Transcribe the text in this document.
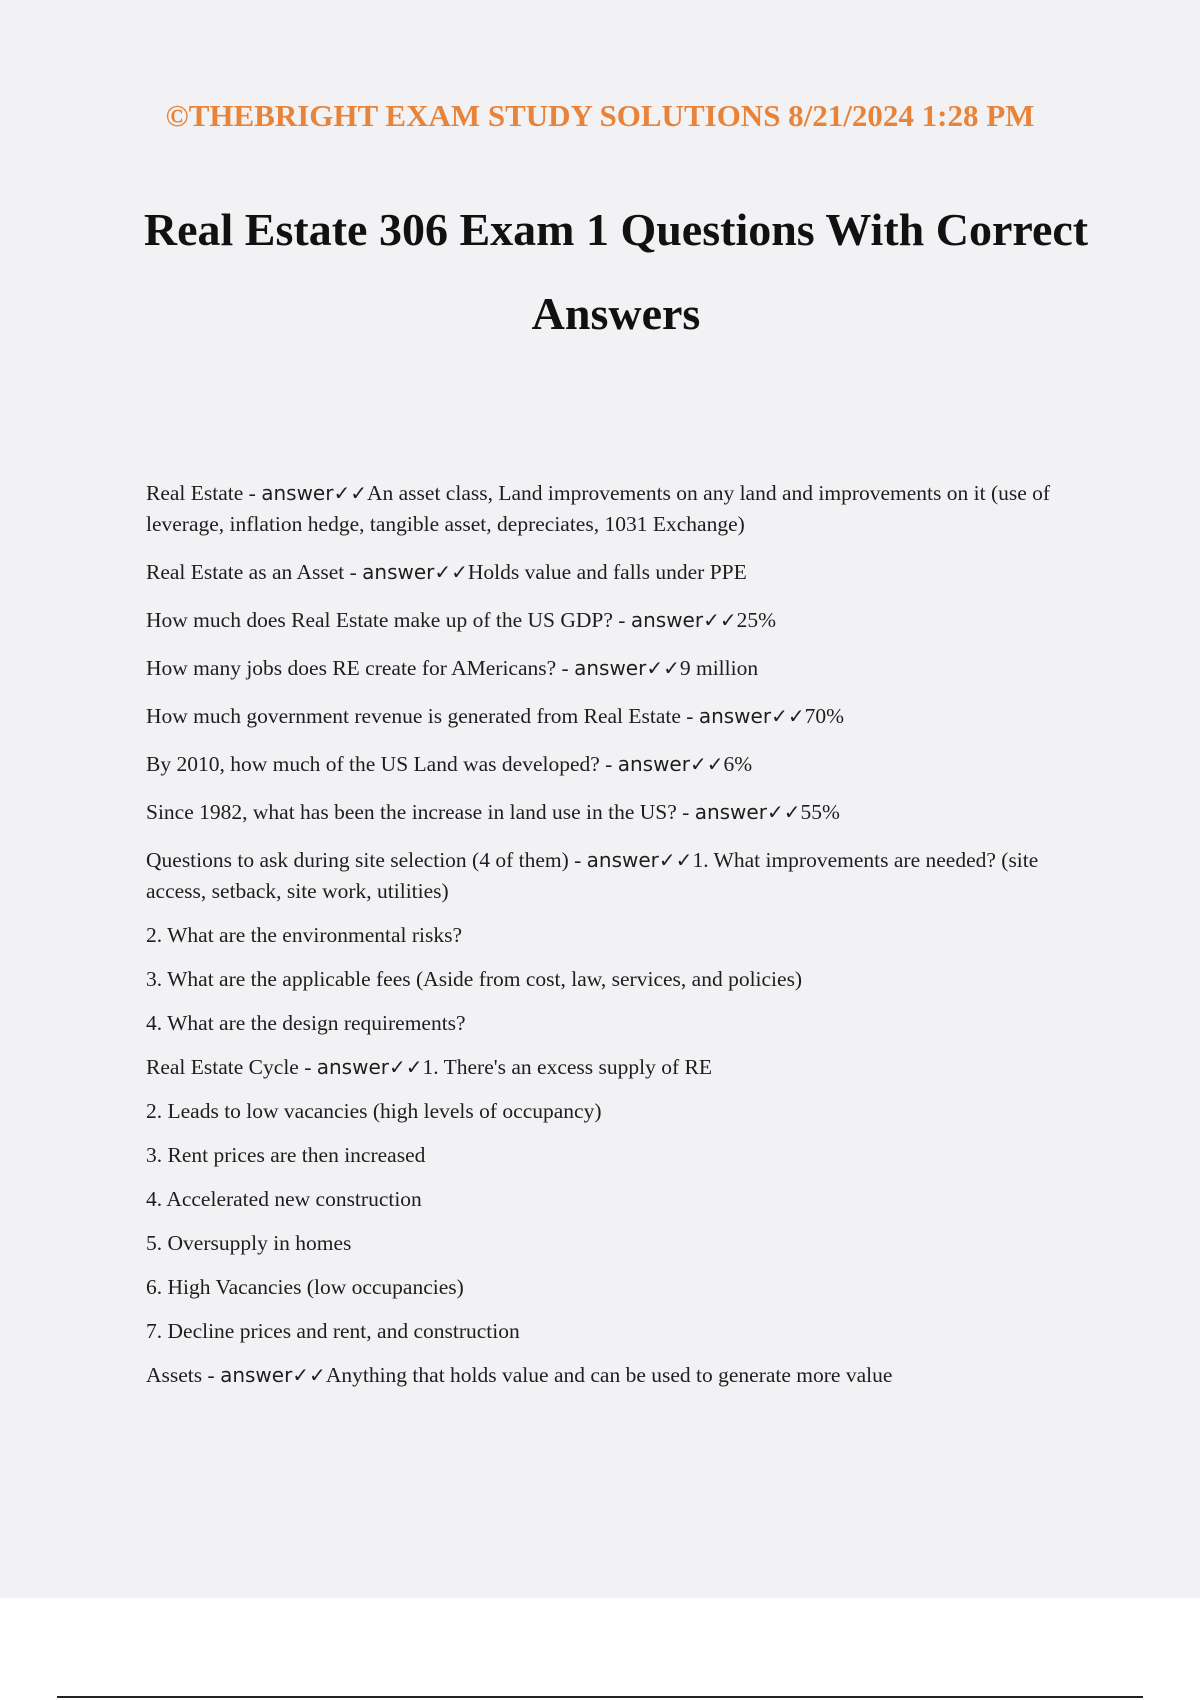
©THEBRIGHT EXAM STUDY SOLUTIONS 8/21/2024 1:28 PM
Real Estate 306 Exam 1 Questions With Correct Answers

Real Estate - answer✓✓An asset class, Land improvements on any land and improvements on it (use of leverage, inflation hedge, tangible asset, depreciates, 1031 Exchange)

Real Estate as an Asset - answer✓✓Holds value and falls under PPE

How much does Real Estate make up of the US GDP? - answer✓✓25%

How many jobs does RE create for AMericans? - answer✓✓9 million

How much government revenue is generated from Real Estate - answer✓✓70%

By 2010, how much of the US Land was developed? - answer✓✓6%

Since 1982, what has been the increase in land use in the US? - answer✓✓55%

Questions to ask during site selection (4 of them) - answer✓✓1. What improvements are needed? (site access, setback, site work, utilities)

2. What are the environmental risks?

3. What are the applicable fees (Aside from cost, law, services, and policies)

4. What are the design requirements?

Real Estate Cycle - answer✓✓1. There's an excess supply of RE

2. Leads to low vacancies (high levels of occupancy)

3. Rent prices are then increased

4. Accelerated new construction

5. Oversupply in homes

6. High Vacancies (low occupancies)

7. Decline prices and rent, and construction

Assets - answer✓✓Anything that holds value and can be used to generate more value
